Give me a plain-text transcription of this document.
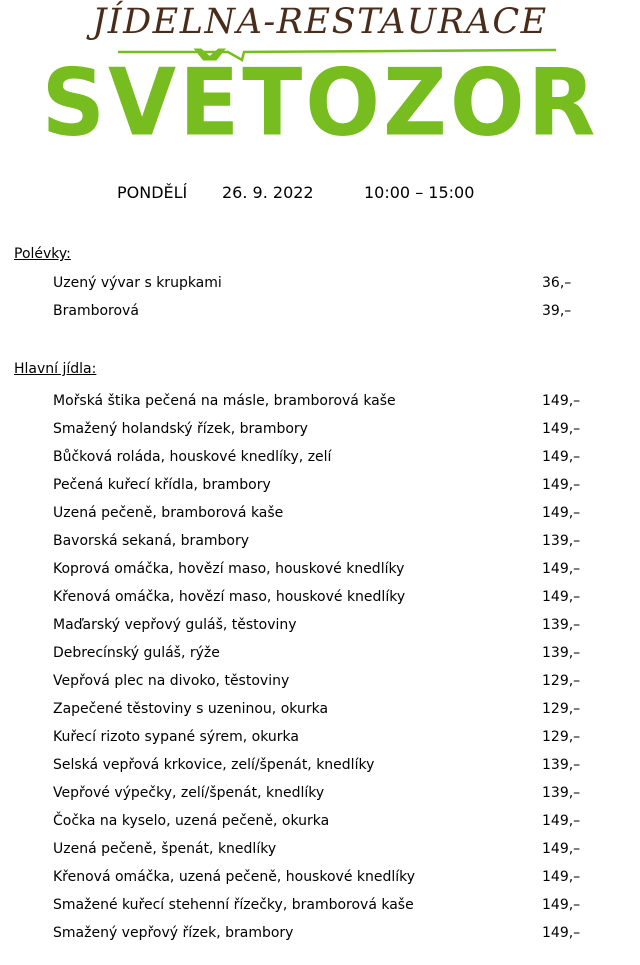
JÍDELNA-RESTAURACE
SVĚTOZOR
PONDĚLÍ 26. 9. 2022	10:00 – 15:00
Polévky:
Uzený vývar s krupkami	36,–
Bramborová	39,–
Hlavní jídla:
Mořská štika pečená na másle, bramborová kaše	149,–
Smažený holandský řízek, brambory	149,–
Bůčková roláda, houskové knedlíky, zelí	149,–
Pečená kuřecí křídla, brambory	149,–
Uzená pečeně, bramborová kaše	149,–
Bavorská sekaná, brambory	139,–
Koprová omáčka, hovězí maso, houskové knedlíky	149,–
Křenová omáčka, hovězí maso, houskové knedlíky	149,–
Maďarský vepřový guláš, těstoviny	139,–
Debrecínský guláš, rýže	139,–
Vepřová plec na divoko, těstoviny	129,–
Zapečené těstoviny s uzeninou, okurka	129,–
Kuřecí rizoto sypané sýrem, okurka	129,–
Selská vepřová krkovice, zelí/špenát, knedlíky	139,–
Vepřové výpečky, zelí/špenát, knedlíky	139,–
Čočka na kyselo, uzená pečeně, okurka	149,–
Uzená pečeně, špenát, knedlíky	149,–
Křenová omáčka, uzená pečeně, houskové knedlíky	149,–
Smažené kuřecí stehenní řízečky, bramborová kaše	149,–
Smažený vepřový řízek, brambory	149,–
